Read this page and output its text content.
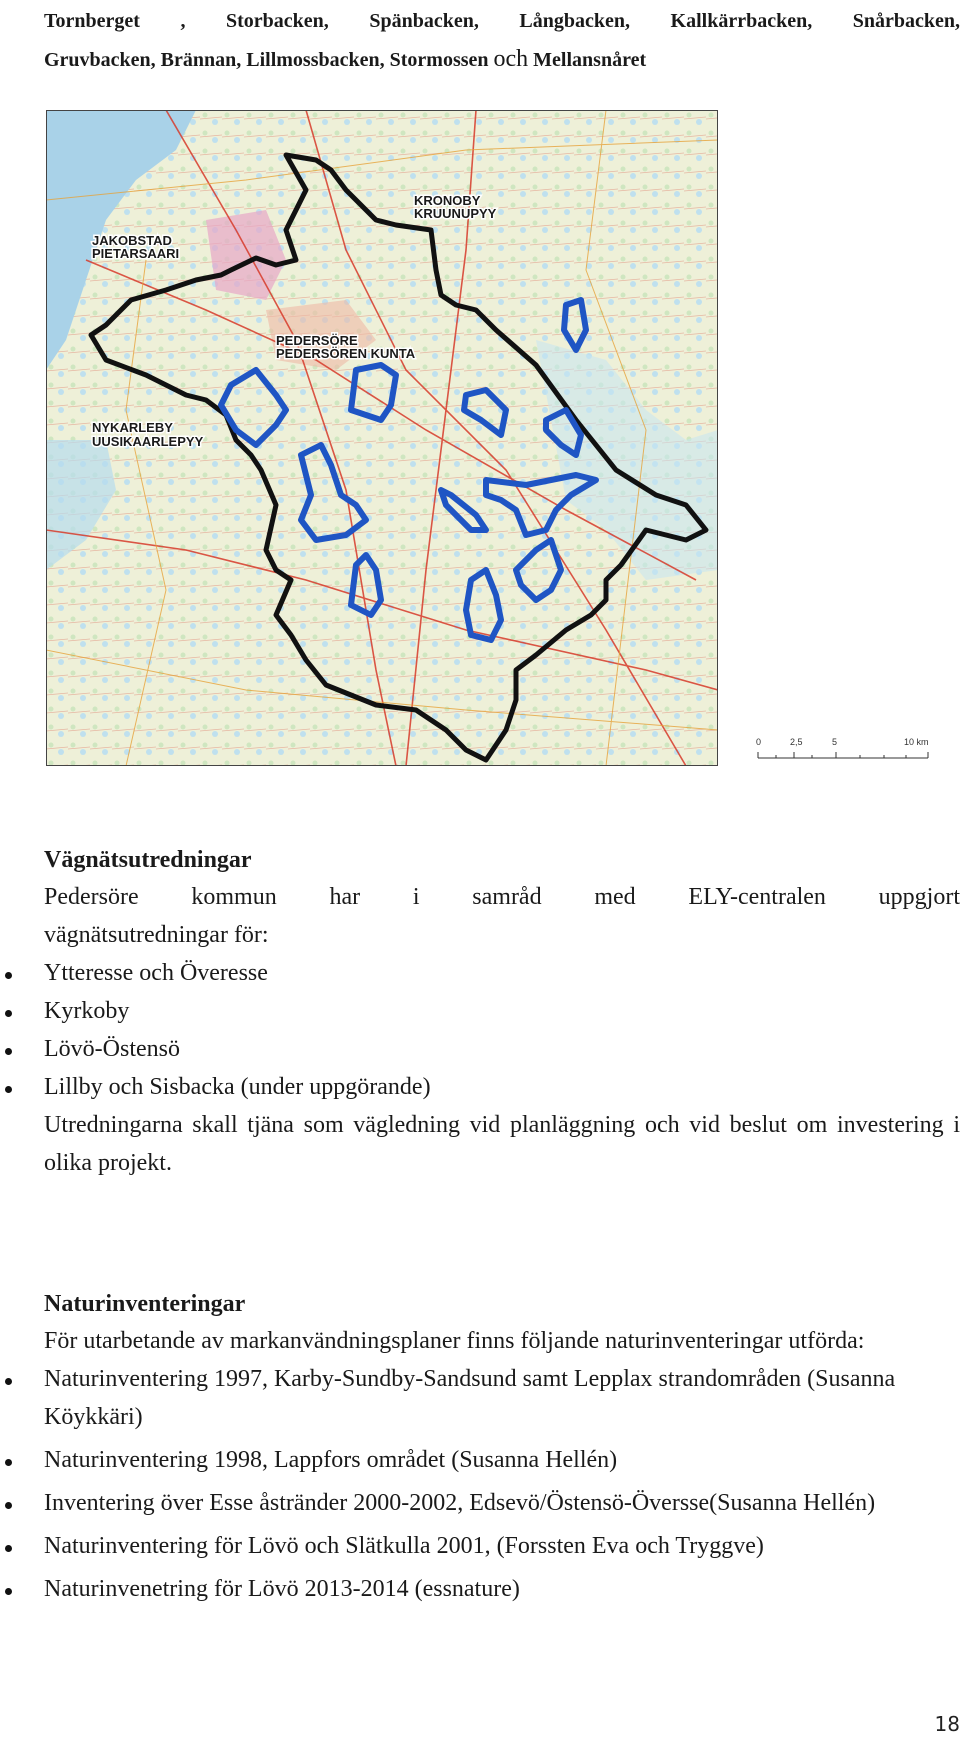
Tornberget , Storbacken, Spänbacken, Långbacken, Kallkärrbacken, Snårbacken,
Gruvbacken, Brännan, Lillmossbacken, Stormossen och Mellansnåret
JAKOBSTAD
PIETARSAARI
KRONOBY
KRUUNUPYY
PEDERSÖRE
PEDERSÖREN KUNTA
NYKARLEBY
UUSIKAARLEPYY
0	2,5	5	10 km
Vägnätsutredningar
Pedersöre kommun har i samråd med ELY-centralen uppgjort
vägnätsutredningar för:
Ytteresse och Överesse
Kyrkoby
Lövö-Östensö
Lillby och Sisbacka (under uppgörande)
Utredningarna skall tjäna som vägledning vid planläggning och vid beslut om investering i olika projekt.
Naturinventeringar
För utarbetande av markanvändningsplaner finns följande naturinventeringar utförda:
Naturinventering 1997, Karby-Sundby-Sandsund samt Lepplax strandområden (Susanna Köykkäri)
Naturinventering 1998, Lappfors området (Susanna Hellén)
Inventering över Esse åstränder 2000-2002, Edsevö/Östensö-Översse(Susanna Hellén)
Naturinventering för Lövö och Slätkulla 2001, (Forssten Eva och Tryggve)
Naturinvenetring för Lövö 2013-2014 (essnature)
18
